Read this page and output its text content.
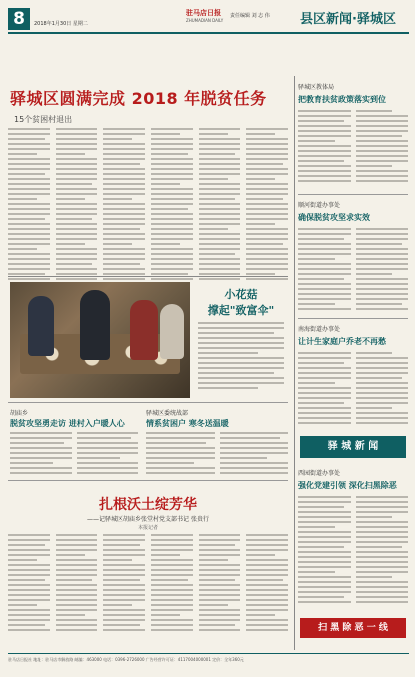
8	2018年1月30日 星期二
驻马店日报
ZHUMADIAN DAILY
责任编辑 刘 志 伟 县区新闻·驿城区
驿城区圆满完成 2018 年脱贫任务
15个贫困村退出
小花菇
撑起"致富伞"
胡庙乡
脱贫攻坚勇走访 进村入户暖人心
驿城区委统战部
情系贫困户 寒冬送温暖
扎根沃土绽芳华
——记驿城区胡庙乡张堂村党支部书记 张贵行
本报记者
驿城区教体局
把教育扶贫政策落实到位
顺河街道办事处
确保脱贫攻坚求实效
南海街道办事处
让计生家庭户乔老不再愁
驿 城 新 闻
西园街道办事处
强化党建引领 深化扫黑除恶
扫 黑 除 恶 一 线
驻马店日报社 地址：驻马店市解放路 邮编：463000 电话：0396-2726000 广告经营许可证：4117004000001 定价：全年360元
